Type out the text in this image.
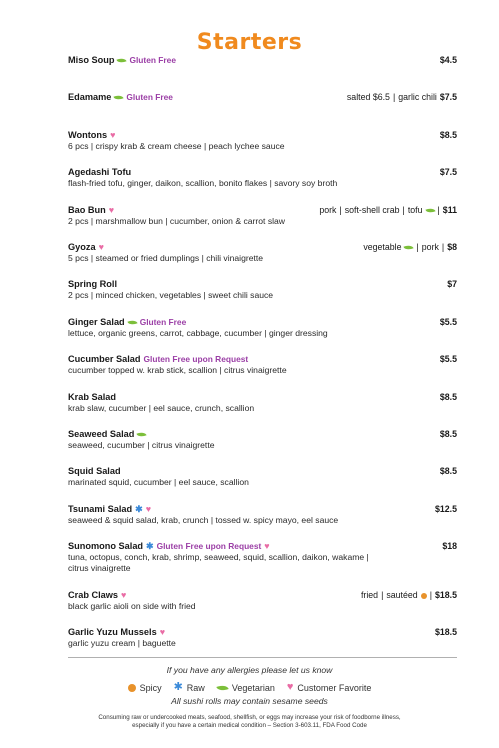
Starters
Miso Soup Gluten Free	$4.5
Edamame Gluten Free	salted $6.5 | garlic chili $7.5
Wontons ♥	$8.5
6 pcs | crispy krab & cream cheese | peach lychee sauce
Agedashi Tofu	$7.5
flash-fried tofu, ginger, daikon, scallion, bonito flakes | savory soy broth
Bao Bun ♥	pork | soft-shell crab | tofu | $11
2 pcs | marshmallow bun | cucumber, onion & carrot slaw
Gyoza ♥	vegetable | pork | $8
5 pcs | steamed or fried dumplings | chili vinaigrette
Spring Roll	$7
2 pcs | minced chicken, vegetables | sweet chili sauce
Ginger Salad Gluten Free	$5.5
lettuce, organic greens, carrot, cabbage, cucumber | ginger dressing
Cucumber Salad Gluten Free upon Request	$5.5
cucumber topped w. krab stick, scallion | citrus vinaigrette
Krab Salad	$8.5
krab slaw, cucumber | eel sauce, crunch, scallion
Seaweed Salad	$8.5
seaweed, cucumber | citrus vinaigrette
Squid Salad	$8.5
marinated squid, cucumber | eel sauce, scallion
Tsunami Salad ✱ ♥	$12.5
seaweed & squid salad, krab, crunch | tossed w. spicy mayo, eel sauce
Sunomono Salad ✱ Gluten Free upon Request ♥	$18
tuna, octopus, conch, krab, shrimp, seaweed, squid, scallion, daikon, wakame |
citrus vinaigrette
Crab Claws ♥	fried | sautéed | $18.5
black garlic aioli on side with fried
Garlic Yuzu Mussels ♥	$18.5
garlic yuzu cream | baguette
If you have any allergies please let us know
Spicy ✱ Raw	Vegetarian ♥ Customer Favorite
All sushi rolls may contain sesame seeds
Consuming raw or undercooked meats, seafood, shellfish, or eggs may increase your risk of foodborne illness,
especially if you have a certain medical condition – Section 3-603.11, FDA Food Code
